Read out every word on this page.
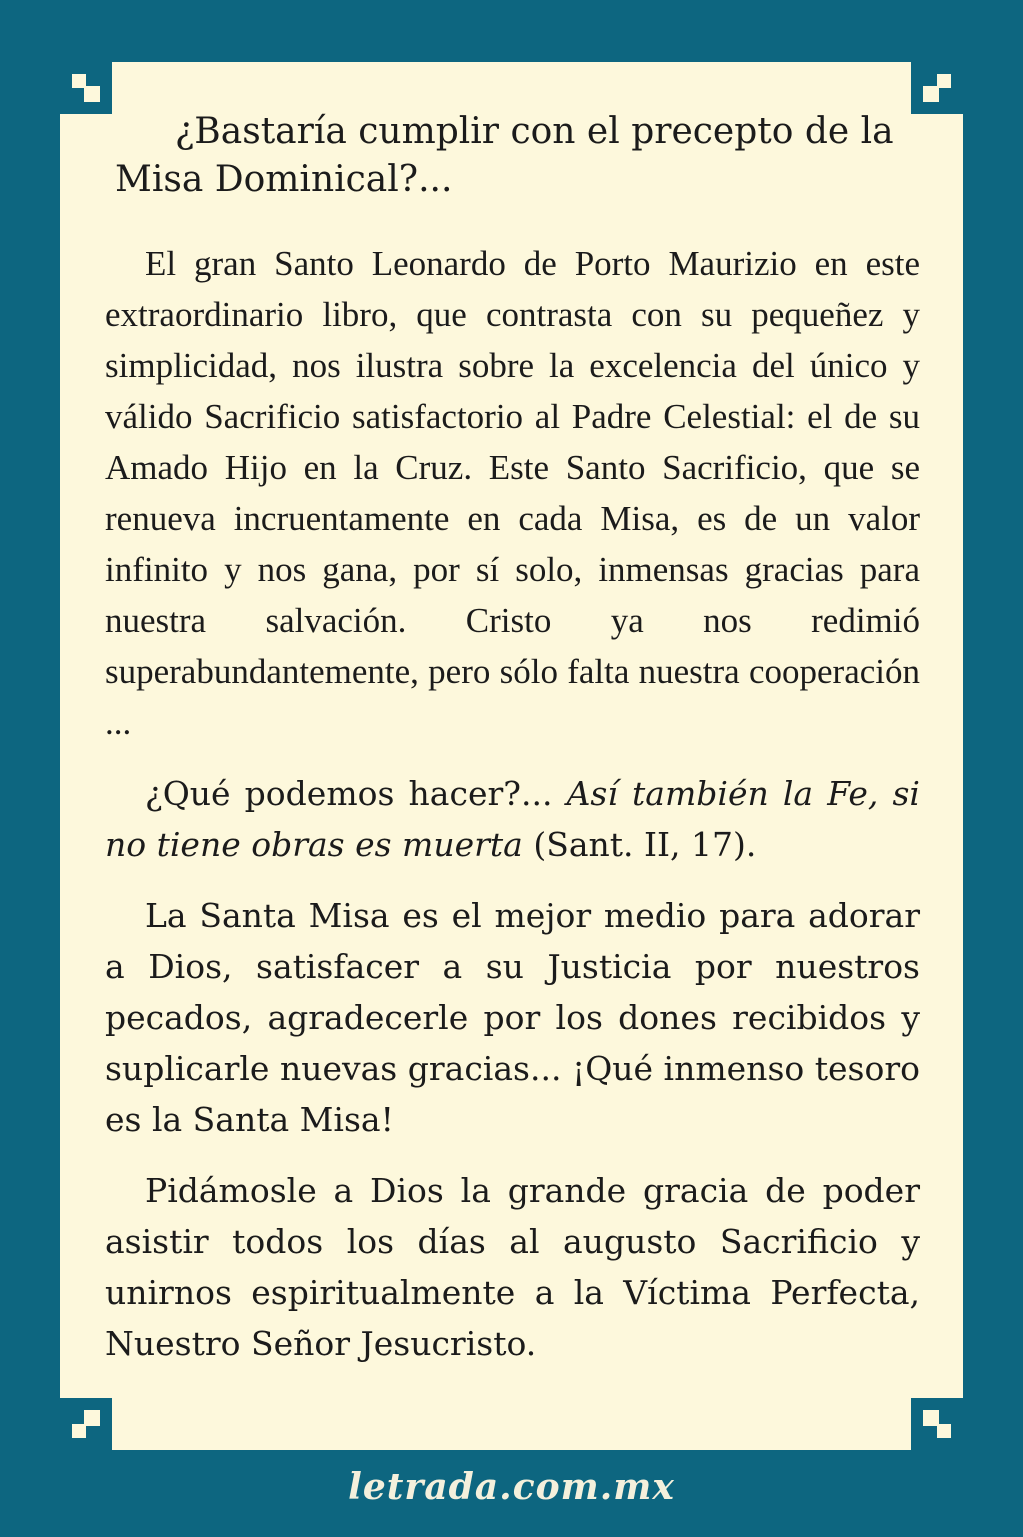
¿Bastaría cumplir con el precepto de la Misa Dominical?...

El gran Santo Leonardo de Porto Maurizio en este extraordinario libro, que contrasta con su pequeñez y simplicidad, nos ilustra sobre la excelencia del único y válido Sacrificio satisfactorio al Padre Celestial: el de su Amado Hijo en la Cruz. Este Santo Sacrificio, que se renueva incruentamente en cada Misa, es de un valor infinito y nos gana, por sí solo, inmensas gracias para nuestra salvación. Cristo ya nos redimió superabundantemente, pero sólo falta nuestra cooperación ...

¿Qué podemos hacer?... Así también la Fe, si no tiene obras es muerta (Sant. II, 17).

La Santa Misa es el mejor medio para adorar a Dios, satisfacer a su Justicia por nuestros pecados, agradecerle por los dones recibidos y suplicarle nuevas gracias... ¡Qué inmenso tesoro es la Santa Misa!

Pidámosle a Dios la grande gracia de poder asistir todos los días al augusto Sacrificio y unirnos espiritualmente a la Víctima Perfecta, Nuestro Señor Jesucristo.

letrada.com.mx
